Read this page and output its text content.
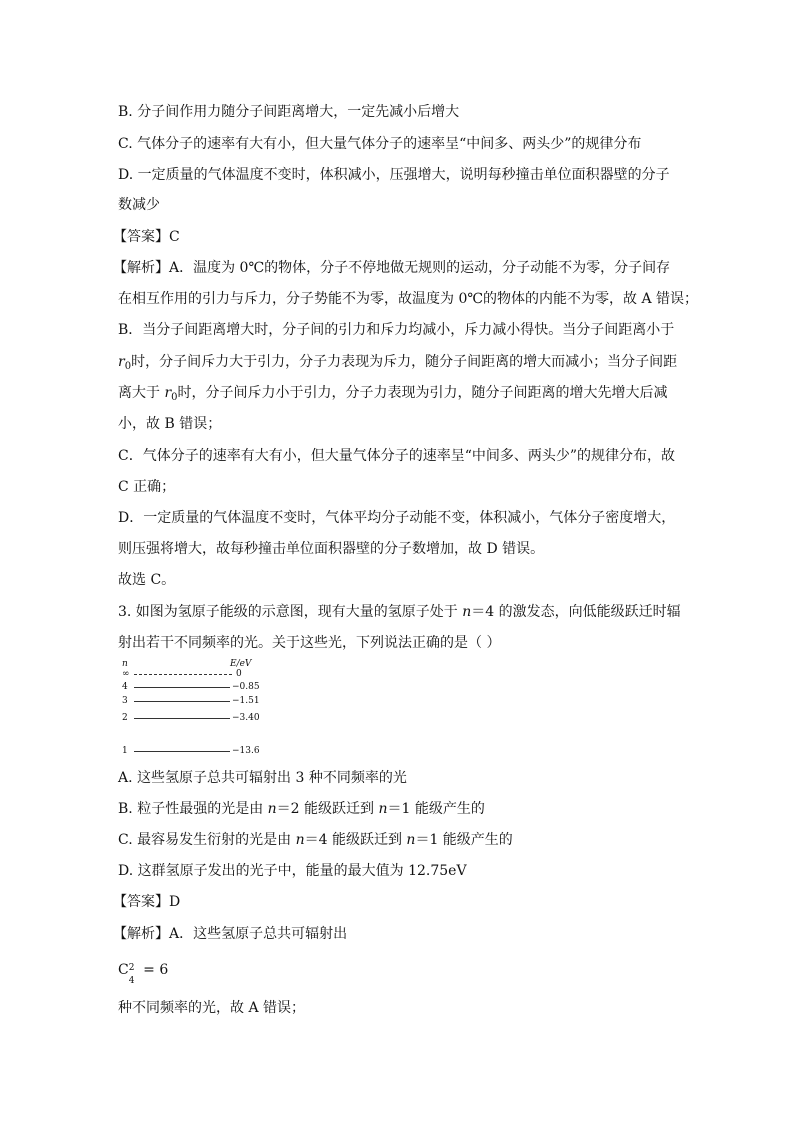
B. 分子间作用力随分子间距离增大，一定先减小后增大
C. 气体分子的速率有大有小，但大量气体分子的速率呈“中间多、两头少”的规律分布
D. 一定质量的气体温度不变时，体积减小，压强增大，说明每秒撞击单位面积器壁的分子
数减少
【答案】C
【解析】A．温度为 0℃的物体，分子不停地做无规则的运动，分子动能不为零，分子间存
在相互作用的引力与斥力，分子势能不为零，故温度为 0℃的物体的内能不为零，故 A 错误；
B．当分子间距离增大时，分子间的引力和斥力均减小，斥力减小得快。当分子间距离小于
$r_0$时，分子间斥力大于引力，分子力表现为斥力，随分子间距离的增大而减小；当分子间距
离大于 $r_0$时，分子间斥力小于引力，分子力表现为引力，随分子间距离的增大先增大后减
小，故 B 错误；
C．气体分子的速率有大有小，但大量气体分子的速率呈“中间多、两头少”的规律分布，故
C 正确；
D．一定质量的气体温度不变时，气体平均分子动能不变，体积减小，气体分子密度增大，
则压强将增大，故每秒撞击单位面积器壁的分子数增加，故 D 错误。
故选 C。
3. 如图为氢原子能级的示意图，现有大量的氢原子处于 n＝4 的激发态，向低能级跃迁时辐
射出若干不同频率的光。关于这些光，下列说法正确的是（ ）
n	E/eV
∞	0
4	−0.85
3	−1.51
2	−3.40
1	−13.6
A. 这些氢原子总共可辐射出 3 种不同频率的光
B. 粒子性最强的光是由 n＝2 能级跃迁到 n＝1 能级产生的
C. 最容易发生衍射的光是由 n＝4 能级跃迁到 n＝1 能级产生的
D. 这群氢原子发出的光子中，能量的最大值为 12.75eV
【答案】D
【解析】A．这些氢原子总共可辐射出
C 2
4
= 6
种不同频率的光，故 A 错误；
